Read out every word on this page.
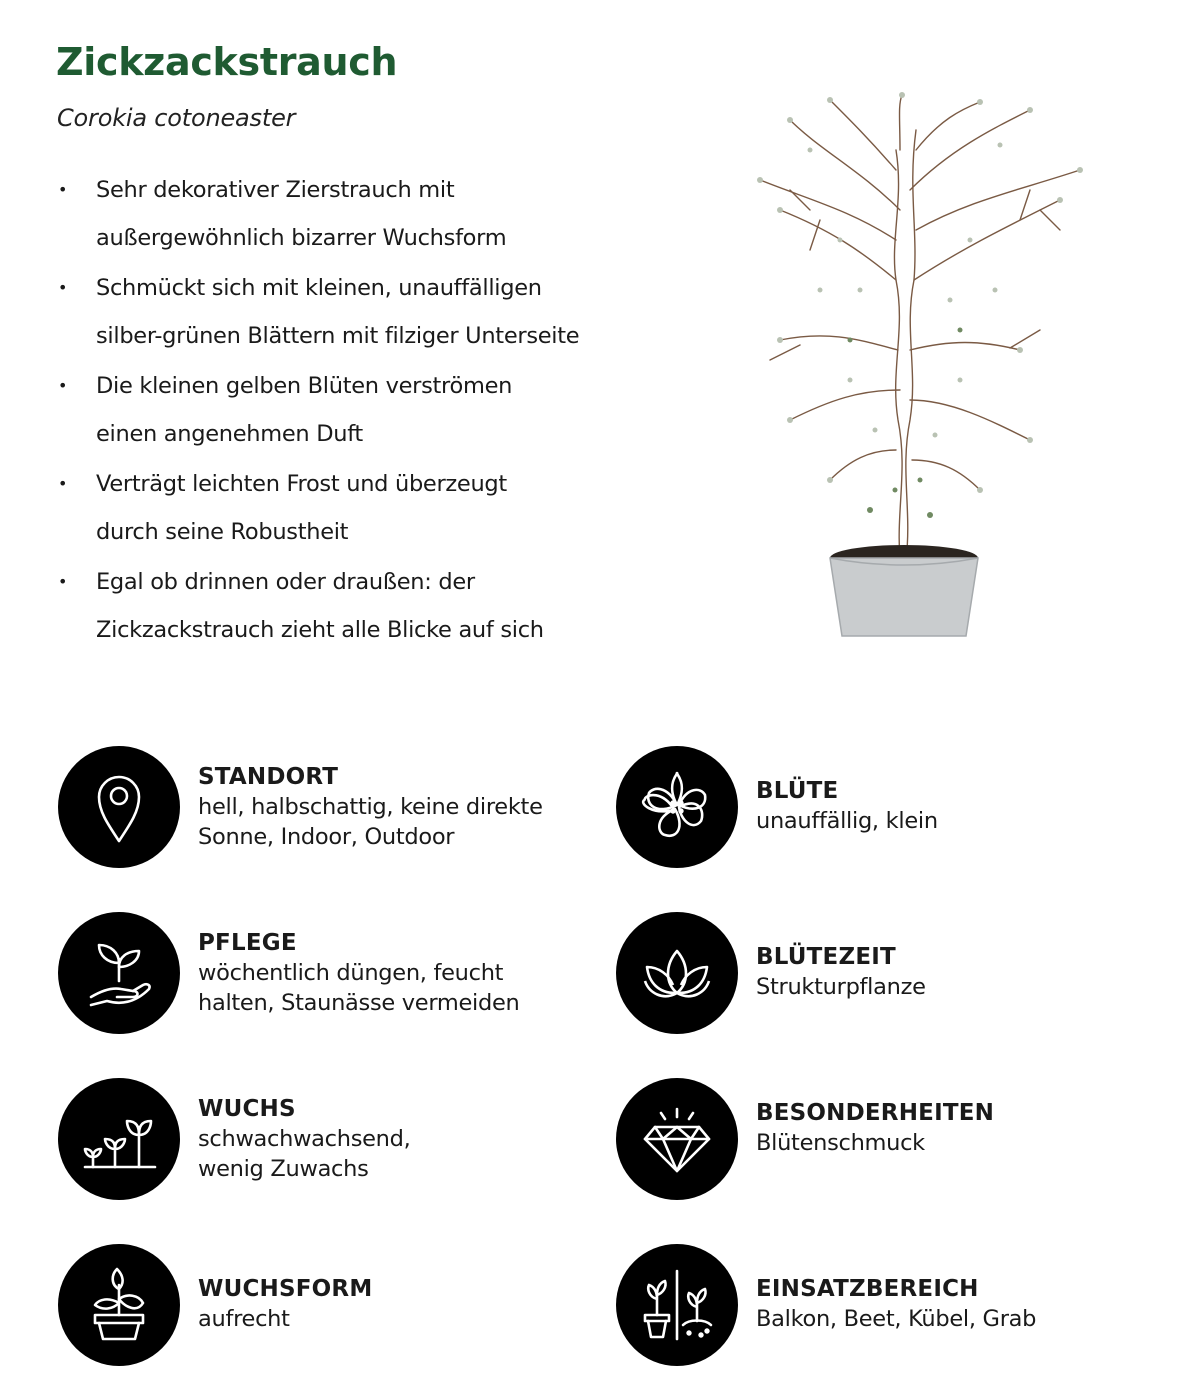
Zickzackstrauch
Corokia cotoneaster
• Sehr dekorativer Zierstrauch mit
außergewöhnlich bizarrer Wuchsform
• Schmückt sich mit kleinen, unauffälligen
silber-grünen Blättern mit filziger Unterseite
• Die kleinen gelben Blüten verströmen
einen angenehmen Duft
• Verträgt leichten Frost und überzeugt
durch seine Robustheit
• Egal ob drinnen oder draußen: der
Zickzackstrauch zieht alle Blicke auf sich
STANDORT
hell, halbschattig, keine direkte
Sonne, Indoor, Outdoor
BLÜTE
unauffällig, klein
PFLEGE
wöchentlich düngen, feucht
halten, Staunässe vermeiden
BLÜTEZEIT
Strukturpflanze
WUCHS
schwachwachsend,
wenig Zuwachs
BESONDERHEITEN
Blütenschmuck
WUCHSFORM
aufrecht
EINSATZBEREICH
Balkon, Beet, Kübel, Grab
